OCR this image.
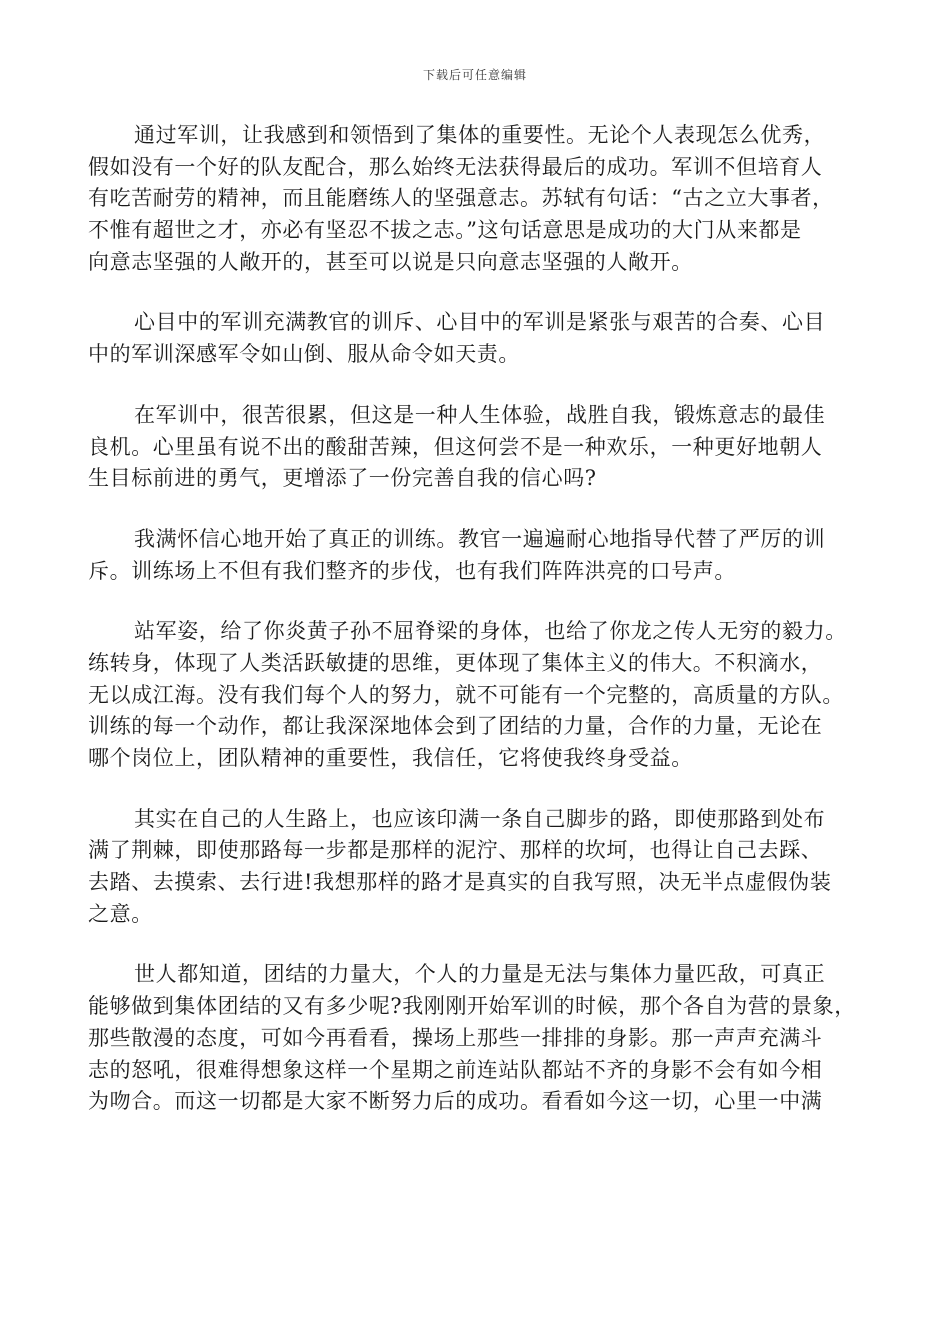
下载后可任意编辑
通过军训，让我感到和领悟到了集体的重要性。无论个人表现怎么优秀，
假如没有一个好的队友配合，那么始终无法获得最后的成功。军训不但培育人
有吃苦耐劳的精神，而且能磨练人的坚强意志。苏轼有句话：“古之立大事者，
不惟有超世之才，亦必有坚忍不拔之志。”这句话意思是成功的大门从来都是
向意志坚强的人敞开的，甚至可以说是只向意志坚强的人敞开。
心目中的军训充满教官的训斥、心目中的军训是紧张与艰苦的合奏、心目
中的军训深感军令如山倒、服从命令如天责。
在军训中，很苦很累，但这是一种人生体验，战胜自我，锻炼意志的最佳
良机。心里虽有说不出的酸甜苦辣，但这何尝不是一种欢乐，一种更好地朝人
生目标前进的勇气，更增添了一份完善自我的信心吗?
我满怀信心地开始了真正的训练。教官一遍遍耐心地指导代替了严厉的训
斥。训练场上不但有我们整齐的步伐，也有我们阵阵洪亮的口号声。
站军姿，给了你炎黄子孙不屈脊梁的身体，也给了你龙之传人无穷的毅力。
练转身，体现了人类活跃敏捷的思维，更体现了集体主义的伟大。不积滴水，
无以成江海。没有我们每个人的努力，就不可能有一个完整的，高质量的方队。
训练的每一个动作，都让我深深地体会到了团结的力量，合作的力量，无论在
哪个岗位上，团队精神的重要性，我信任，它将使我终身受益。
其实在自己的人生路上，也应该印满一条自己脚步的路，即使那路到处布
满了荆棘，即使那路每一步都是那样的泥泞、那样的坎坷，也得让自己去踩、
去踏、去摸索、去行进!我想那样的路才是真实的自我写照，决无半点虚假伪装
之意。
世人都知道，团结的力量大，个人的力量是无法与集体力量匹敌，可真正
能够做到集体团结的又有多少呢?我刚刚开始军训的时候，那个各自为营的景象，
那些散漫的态度，可如今再看看，操场上那些一排排的身影。那一声声充满斗
志的怒吼，很难得想象这样一个星期之前连站队都站不齐的身影不会有如今相
为吻合。而这一切都是大家不断努力后的成功。看看如今这一切，心里一中满
